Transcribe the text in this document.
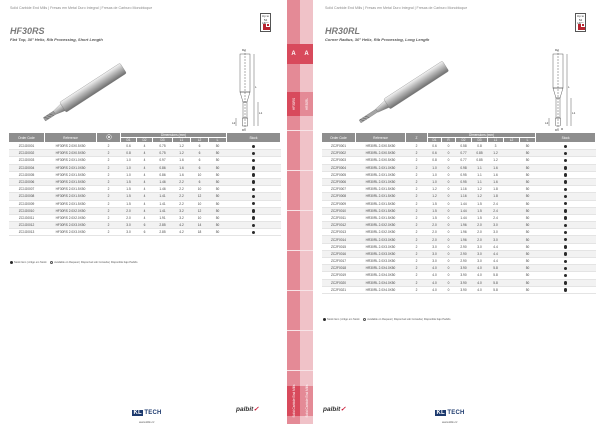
Solid Carbide End Mills | Fresas em Metal Duro Integral | Fresas de Carburo Monobloque
Up to 54
HF30RS
Flat Top, 30° Helix, Rib Processing, Short Length
L
L1
L2
D2
D1
Order Code	Reference		Dimensions (mm)						Stock
			D1	D2	D3	L1	L2	L	
ZC1G0001	HF30RS 2.0X0.5X50	2	0.6	4	0.75	1.2	6	50	
ZC1G0002	HF30RS 2.0X0.5X50	2	0.8	4	0.75	1.2	6	50	
ZC1G0003	HF30RS 2.0X1.0X50	2	1.0	4	0.97	1.6	6	50	
ZC1G0004	HF30RS 2.0X1.0X50	2	1.0	4	0.86	1.6	6	50	
ZC1G0005	HF30RS 2.0X1.5X50	2	1.0	4	0.86	1.6	10	50	
ZC1G0006	HF30RS 2.0X1.5X50	2	1.5	4	1.46	2.2	6	50	
ZC1G0007	HF30RS 2.0X1.5X50	2	1.5	4	1.46	2.2	10	50	
ZC1G0008	HF30RS 2.0X1.5X50	2	1.5	4	1.41	2.2	12	50	
ZC1G0009	HF30RS 2.0X1.5X50	2	1.5	4	1.41	2.2	10	50	
ZC1G0010	HF30RS 2.0X2.0X50	2	2.0	4	1.41	3.2	12	50	
ZC1G0011	HF30RS 2.0X2.0X50	2	2.0	4	1.91	3.2	10	50	
ZC1G0012	HF30RS 2.0X3.0X50	2	3.0	6	2.85	4.2	14	50	
ZC1G0013	HF30RS 2.0X3.0X50	2	3.0	6	2.85	4.2	18	50	
Stock Item | Artigo em Stock	Available on Request | Disponível sob Consulta | Disponible bajo Pedido
KL TECH
www.kltk.cz
palbit✓
A	A
HF30RS	HR30RL
Solid Carbide End Mills	Solid Carbide End Mills
Solid Carbide End Mills | Fresas em Metal Duro Integral | Fresas de Carburo Monobloque
Up to 54
HR30RL
Corner Radius, 30° Helix, Rib Processing, Long Length
L
L1
L2
D2
D1 R
Order Code	Reference	Z	Dimensions (mm)							Stock
			D1	R	D2	D3	L1	L2	L	
ZC2F0001	HR30RL 2.0X0.5X50	2	0.6	0	0.58	0.8	3		50	
ZC2F0002	HR30RL 2.0X0.5X50	2	0.6	0	0.77	0.85	1.2		50	
ZC2F0003	HR30RL 2.0X0.5X50	2	0.8	0	0.77	0.85	1.2		50	
ZC2F0004	HR30RL 2.0X1.0X50	2	1.0	0	0.98	1.1	1.6		50	
ZC2F0005	HR30RL 2.0X1.0X50	2	1.0	0	0.95	1.1	1.6		50	
ZC2F0006	HR30RL 2.0X1.0X50	2	1.0	0	0.95	1.1	1.6		50	
ZC2F0007	HR30RL 2.0X1.5X50	2	1.2	0	1.16	1.2	1.8		50	
ZC2F0008	HR30RL 2.0X1.5X50	2	1.2	0	1.16	1.2	1.8		50	
ZC2F0009	HR30RL 2.0X1.5X50	2	1.5	0	1.44	1.5	2.4		50	
ZC2F0010	HR30RL 2.0X1.5X50	2	1.5	0	1.44	1.5	2.4		50	
ZC2F0011	HR30RL 2.0X1.5X50	2	1.5	0	1.44	1.5	2.4		50	
ZC2F0012	HR30RL 2.0X2.0X50	2	2.0	0	1.96	2.0	3.0		50	
ZC2F0013	HR30RL 2.0X2.0X50	2	2.0	0	1.96	2.0	3.0		50	
ZC2F0014	HR30RL 2.0X3.0X50	2	2.0	0	1.96	2.0	3.0		50	
ZC2F0015	HR30RL 2.0X3.0X50	2	3.0	0	2.90	3.0	4.4		50	
ZC2F0016	HR30RL 2.0X3.0X50	2	3.0	0	2.90	3.0	4.4		50	
ZC2F0017	HR30RL 2.0X3.0X50	2	3.0	0	2.90	3.0	4.4		50	
ZC2F0018	HR30RL 2.0X4.0X50	2	4.0	0	3.90	4.0	5.8		50	
ZC2F0019	HR30RL 2.0X4.0X50	2	4.0	0	3.90	4.0	5.8		50	
ZC2F0020	HR30RL 2.0X4.0X50	2	4.0	0	3.90	4.0	5.8		50	
ZC2F0021	HR30RL 2.0X4.0X50	2	4.0	0	3.90	4.0	5.8		50	
Stock Item | Artigo em Stock	Available on Request | Disponível sob Consulta | Disponible bajo Pedido
palbit✓	KL TECH
www.kltk.cz
